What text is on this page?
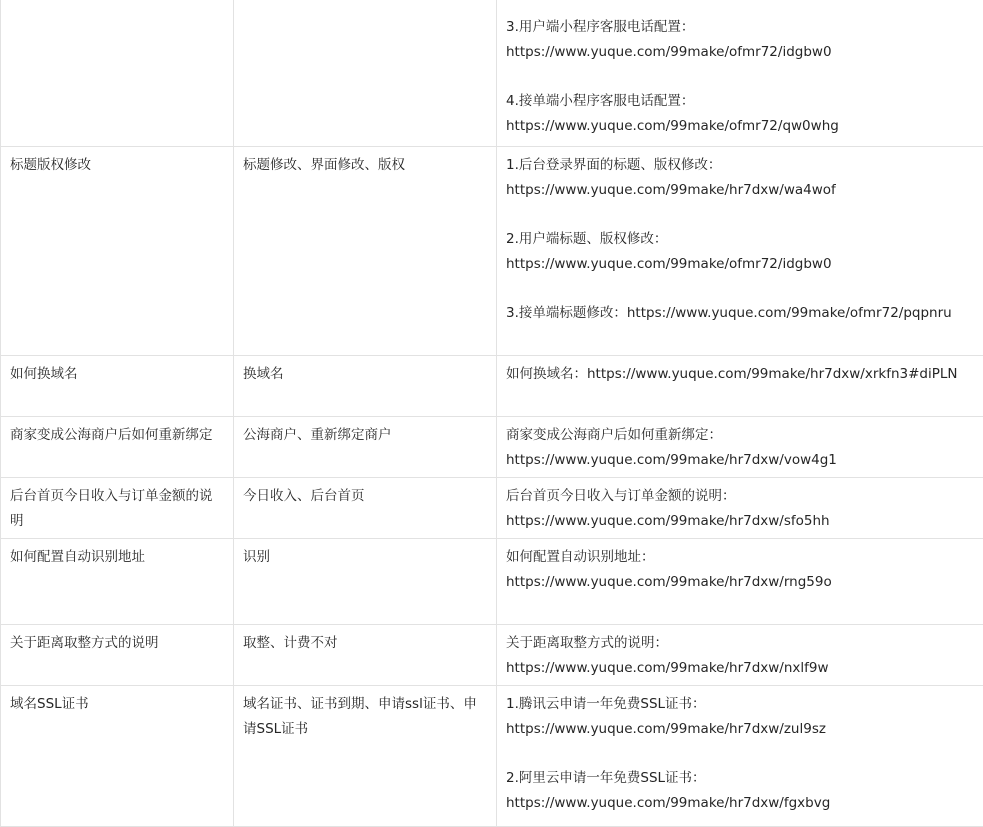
		3.用户端小程序客服电话配置：
https://www.yuque.com/99make/ofmr72/idgbw0
4.接单端小程序客服电话配置：
https://www.yuque.com/99make/ofmr72/qw0whg

标题版权修改	标题修改、界面修改、版权	1.后台登录界面的标题、版权修改：
https://www.yuque.com/99make/hr7dxw/wa4wof
2.用户端标题、版权修改：
https://www.yuque.com/99make/ofmr72/idgbw0
3.接单端标题修改：https://www.yuque.com/99make/ofmr72/pqpnru

如何换域名	换域名	如何换域名：https://www.yuque.com/99make/hr7dxw/xrkfn3#diPLN

商家变成公海商户后如何重新绑定	公海商户、重新绑定商户	商家变成公海商户后如何重新绑定：
https://www.yuque.com/99make/hr7dxw/vow4g1

后台首页今日收入与订单金额的说明	今日收入、后台首页	后台首页今日收入与订单金额的说明：
https://www.yuque.com/99make/hr7dxw/sfo5hh

如何配置自动识别地址	识别	如何配置自动识别地址：
https://www.yuque.com/99make/hr7dxw/rng59o

关于距离取整方式的说明	取整、计费不对	关于距离取整方式的说明：
https://www.yuque.com/99make/hr7dxw/nxlf9w

域名SSL证书	域名证书、证书到期、申请ssl证书、申请SSL证书	1.腾讯云申请一年免费SSL证书：
https://www.yuque.com/99make/hr7dxw/zul9sz
2.阿里云申请一年免费SSL证书：
https://www.yuque.com/99make/hr7dxw/fgxbvg
